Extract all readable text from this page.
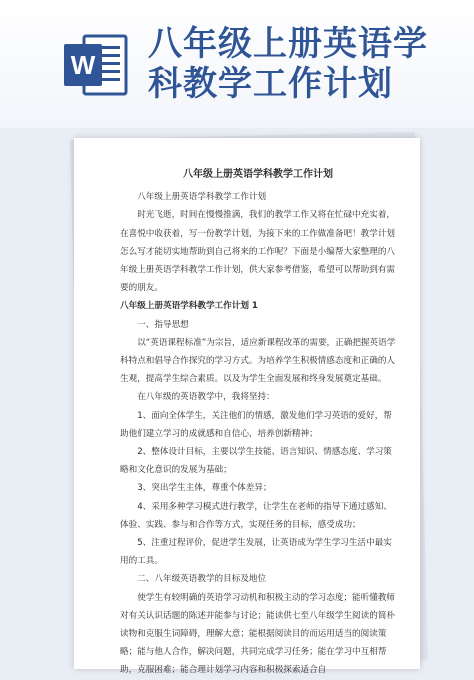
W
八年级上册英语学
科教学工作计划
八年级上册英语学科教学工作计划

八年级上册英语学科教学工作计划

时光飞逝，时间在慢慢推满，我们的教学工作又将在忙碌中充实着，在喜悦中收获着，写一份教学计划，为接下来的工作做准备吧！教学计划怎么写才能切实地帮助到自己将来的工作呢？下面是小编帮大家整理的八年级上册英语学科教学工作计划，供大家参考借鉴，希望可以帮助到有需要的朋友。

八年级上册英语学科教学工作计划 1

一、指导思想

以“英语课程标准”为宗旨，适应新课程改革的需要，正确把握英语学科特点和倡导合作探究的学习方式。为培养学生积极情感态度和正确的人生观，提高学生综合素质。以及为学生全面发展和终身发展奠定基础。

在八年级的英语教学中，我将坚持：

1、面向全体学生，关注他们的情感，激发他们学习英语的爱好，帮助他们建立学习的成就感和自信心，培养创新精神；

2、整体设计目标，主要以学生技能、语言知识、情感态度、学习策略和文化意识的发展为基础；

3、突出学生主体，尊重个体差异；

4、采用多种学习模式进行教学，让学生在老师的指导下通过感知、体验、实践、参与和合作等方式，实现任务的目标，感受成功；

5、注重过程评价，促进学生发展，让英语成为学生学习生活中最实用的工具。

二、八年级英语教学的目标及地位

使学生有较明确的英语学习动机和积极主动的学习态度；能听懂教师对有关认识话题的陈述并能参与讨论；能读供七至八年级学生阅读的简朴读物和克服生词障碍，理解大意；能根据阅读目的而运用适当的阅读策略；能与他人合作，解决问题，共同完成学习任务；能在学习中互相帮助，克服困难；能合理计划学习内容和积极探索适合自
